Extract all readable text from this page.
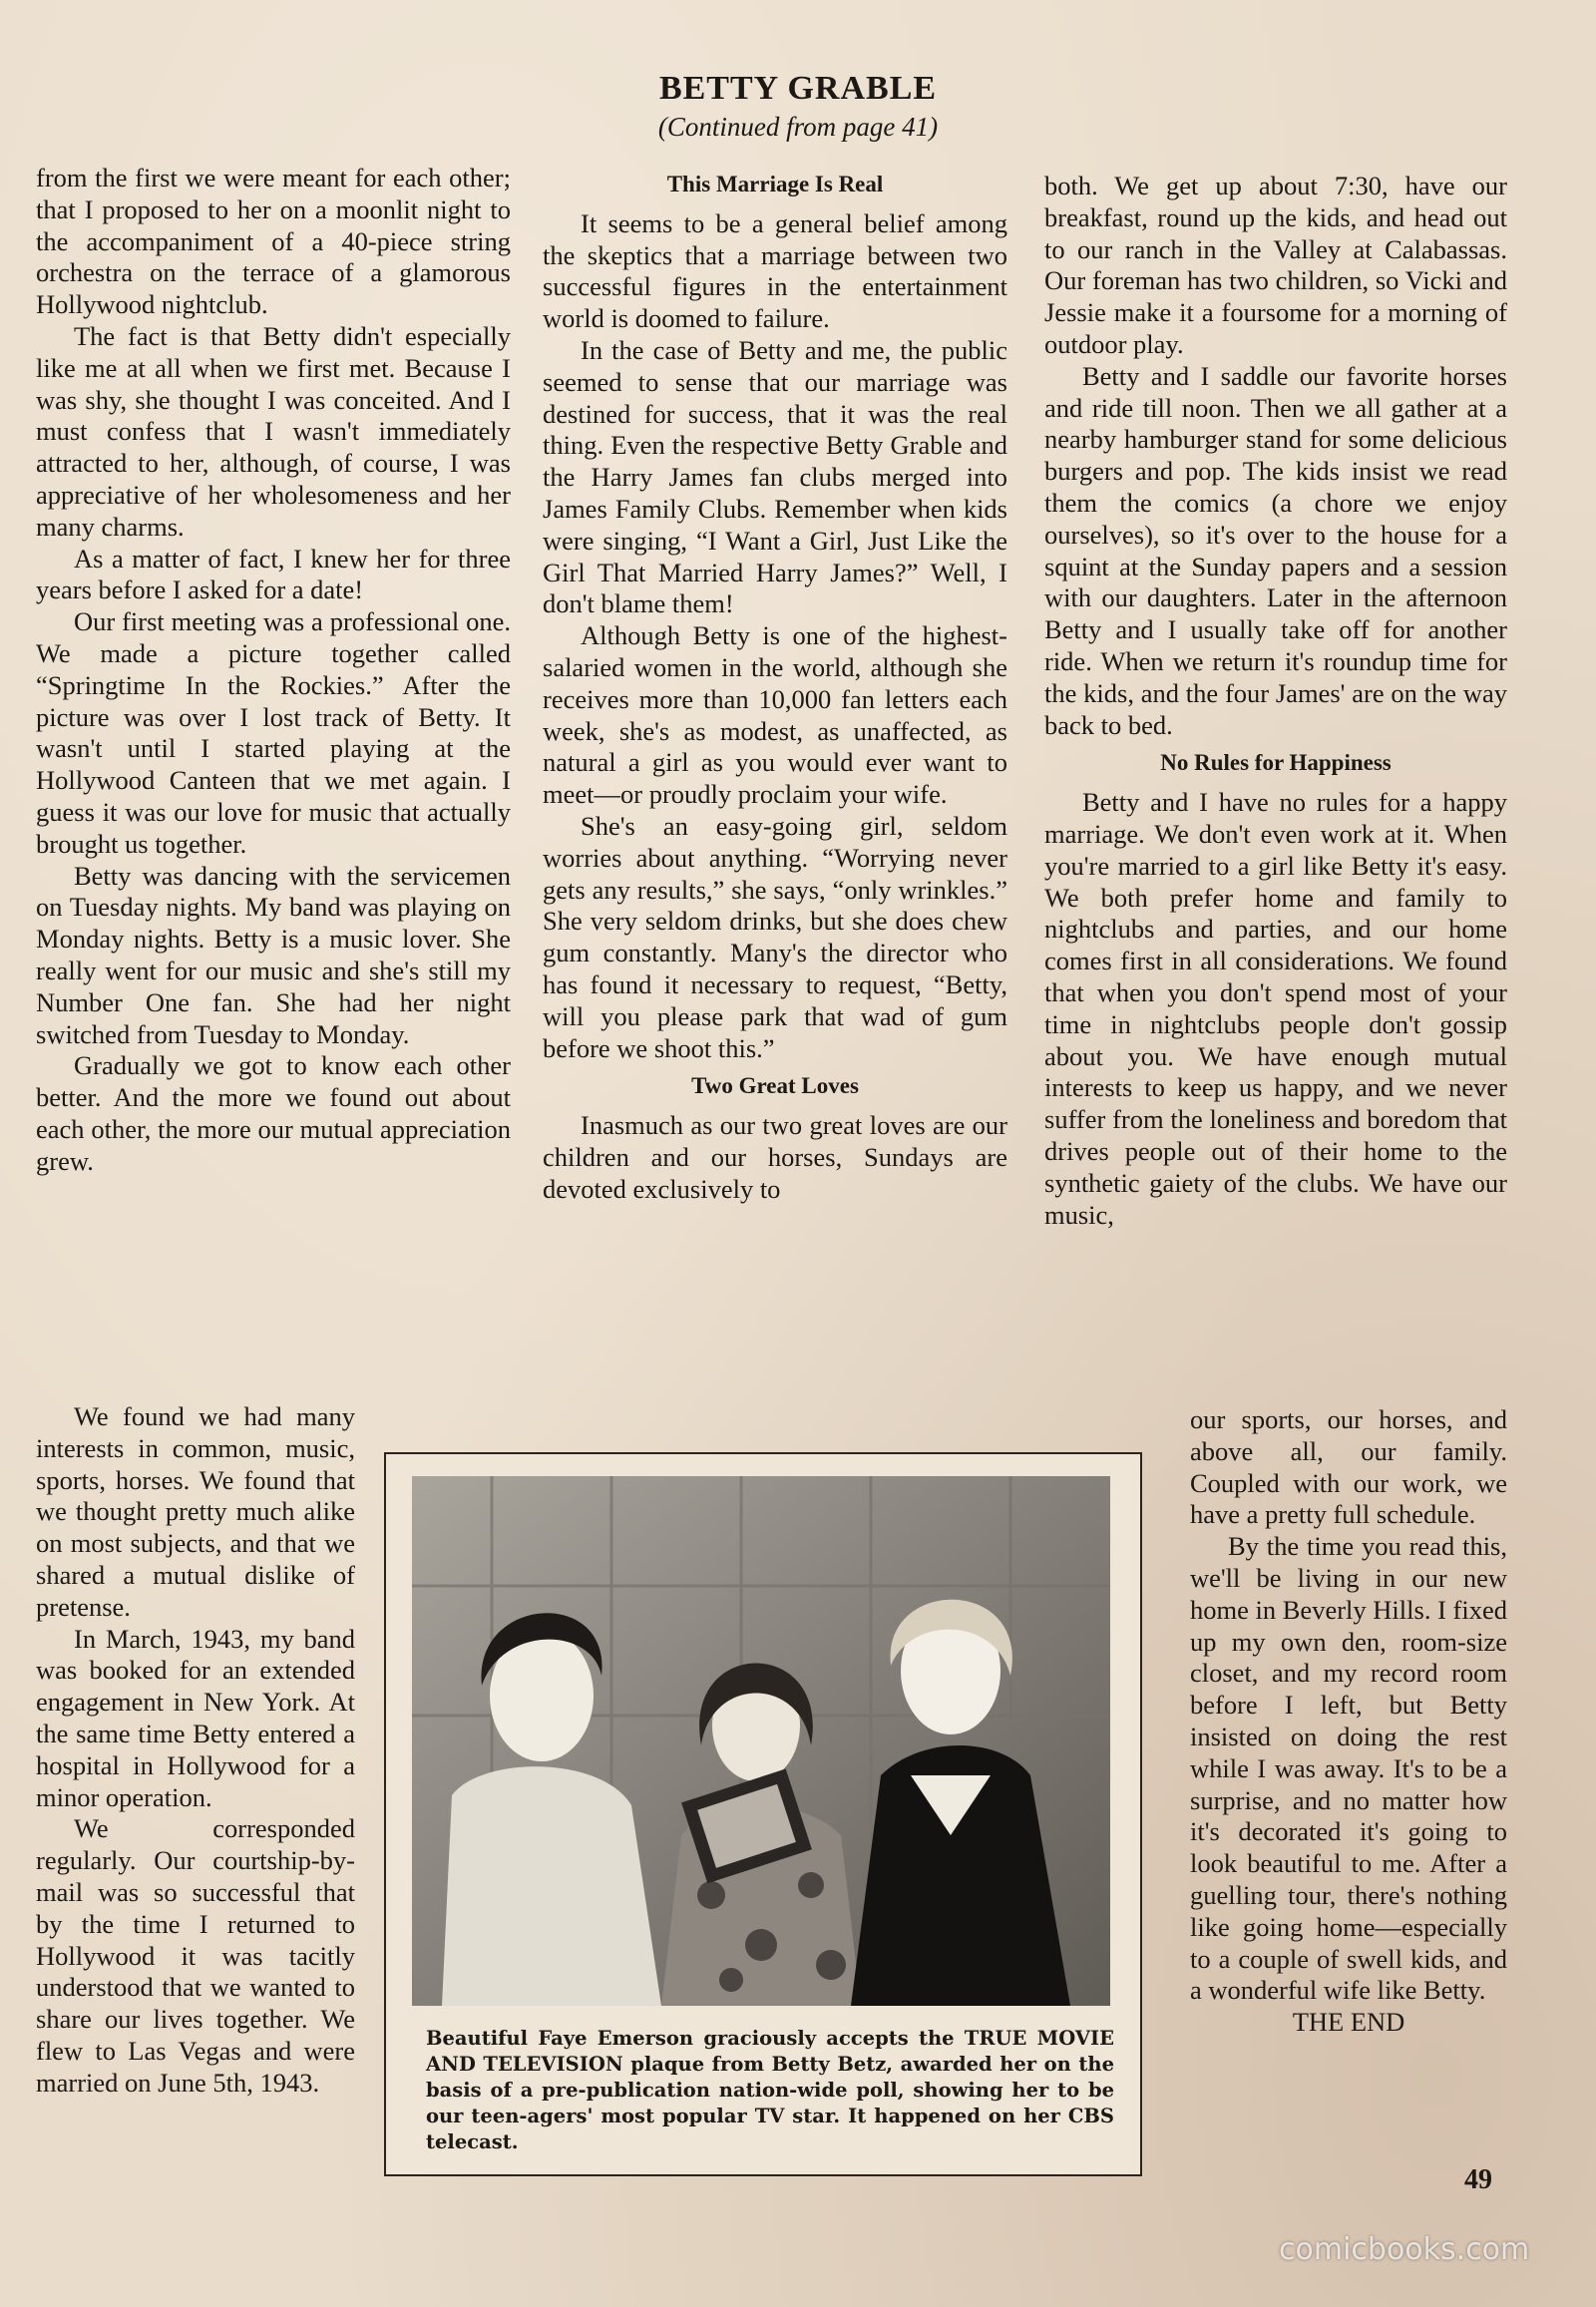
BETTY GRABLE
(Continued from page 41)

from the first we were meant for each other; that I proposed to her on a moonlit night to the accompaniment of a 40-piece string orchestra on the terrace of a glamorous Hollywood nightclub.

The fact is that Betty didn't especially like me at all when we first met. Because I was shy, she thought I was conceited. And I must confess that I wasn't immediately attracted to her, although, of course, I was appreciative of her wholesomeness and her many charms.

As a matter of fact, I knew her for three years before I asked for a date!

Our first meeting was a professional one. We made a picture together called “Springtime In the Rockies.” After the picture was over I lost track of Betty. It wasn't until I started playing at the Hollywood Canteen that we met again. I guess it was our love for music that actually brought us together.

Betty was dancing with the servicemen on Tuesday nights. My band was playing on Monday nights. Betty is a music lover. She really went for our music and she's still my Number One fan. She had her night switched from Tuesday to Monday.

Gradually we got to know each other better. And the more we found out about each other, the more our mutual appreciation grew.

We found we had many interests in common, music, sports, horses. We found that we thought pretty much alike on most subjects, and that we shared a mutual dislike of pretense.

In March, 1943, my band was booked for an extended engagement in New York. At the same time Betty entered a hospital in Hollywood for a minor operation.

We corresponded regularly. Our courtship-by-mail was so successful that by the time I returned to Hollywood it was tacitly understood that we wanted to share our lives together. We flew to Las Vegas and were married on June 5th, 1943.

This Marriage Is Real

It seems to be a general belief among the skeptics that a marriage between two successful figures in the entertainment world is doomed to failure.

In the case of Betty and me, the public seemed to sense that our marriage was destined for success, that it was the real thing. Even the respective Betty Grable and the Harry James fan clubs merged into James Family Clubs. Remember when kids were singing, “I Want a Girl, Just Like the Girl That Married Harry James?” Well, I don't blame them!

Although Betty is one of the highest-salaried women in the world, although she receives more than 10,000 fan letters each week, she's as modest, as unaffected, as natural a girl as you would ever want to meet—or proudly proclaim your wife.

She's an easy-going girl, seldom worries about anything. “Worrying never gets any results,” she says, “only wrinkles.” She very seldom drinks, but she does chew gum constantly. Many's the director who has found it necessary to request, “Betty, will you please park that wad of gum before we shoot this.”

Two Great Loves

Inasmuch as our two great loves are our children and our horses, Sundays are devoted exclusively to

both. We get up about 7:30, have our breakfast, round up the kids, and head out to our ranch in the Valley at Calabassas. Our foreman has two children, so Vicki and Jessie make it a foursome for a morning of outdoor play.

Betty and I saddle our favorite horses and ride till noon. Then we all gather at a nearby hamburger stand for some delicious burgers and pop. The kids insist we read them the comics (a chore we enjoy ourselves), so it's over to the house for a squint at the Sunday papers and a session with our daughters. Later in the afternoon Betty and I usually take off for another ride. When we return it's roundup time for the kids, and the four James' are on the way back to bed.

No Rules for Happiness

Betty and I have no rules for a happy marriage. We don't even work at it. When you're married to a girl like Betty it's easy. We both prefer home and family to nightclubs and parties, and our home comes first in all considerations. We found that when you don't spend most of your time in nightclubs people don't gossip about you. We have enough mutual interests to keep us happy, and we never suffer from the loneliness and boredom that drives people out of their home to the synthetic gaiety of the clubs. We have our music,

our sports, our horses, and above all, our family. Coupled with our work, we have a pretty full schedule.

By the time you read this, we'll be living in our new home in Beverly Hills. I fixed up my own den, room-size closet, and my record room before I left, but Betty insisted on doing the rest while I was away. It's to be a surprise, and no matter how it's decorated it's going to look beautiful to me. After a guelling tour, there's nothing like going home—especially to a couple of swell kids, and a wonderful wife like Betty.

THE END

Beautiful Faye Emerson graciously accepts the TRUE MOVIE AND TELEVISION plaque from Betty Betz, awarded her on the basis of a pre-publication nation-wide poll, showing her to be our teen-agers' most popular TV star. It happened on her CBS telecast.
49
comicbooks.com
